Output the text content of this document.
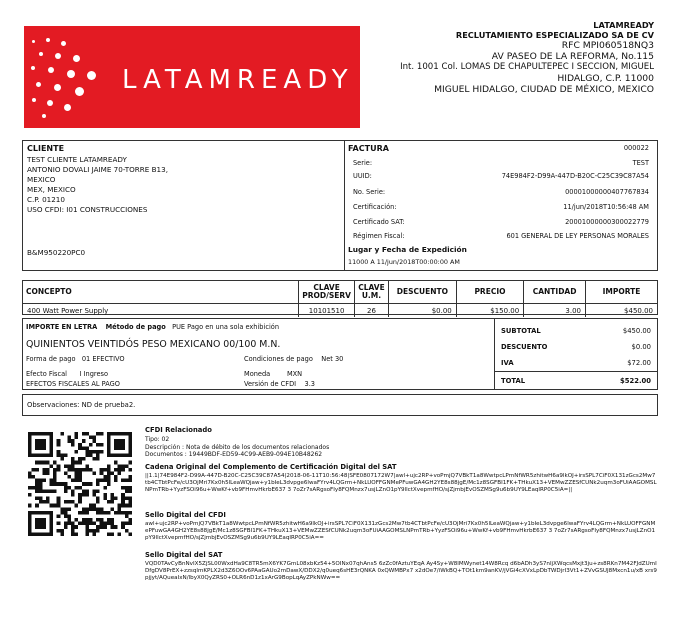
LATAMREADY
LATAMREADY
RECLUTAMIENTO ESPECIALIZADO SA DE CV
RFC MPI060518NQ3
AV PASEO DE LA REFORMA, No.115
Int. 1001 Col. LOMAS DE CHAPULTEPEC I SECCION, MIGUEL
HIDALGO, C.P. 11000
MIGUEL HIDALGO, CIUDAD DE MÉXICO, MEXICO
CLIENTE
TEST CLIENTE LATAMREADY
ANTONIO DOVALI JAIME 70-TORRE B13,
MEXICO
MEX, MEXICO
C.P. 01210
USO CFDI: I01 CONSTRUCCIONES
B&M950220PC0
FACTURA	000022
Serie:	TEST
UUID:	74E984F2-D99A-447D-B20C-C25C39C87A54
No. Serie:	00001000000407767834
Certificación:	11/jun/2018T10:56:48 AM
Certificado SAT:	20001000000300022779
Régimen Fiscal:	601 GENERAL DE LEY PERSONAS MORALES
Lugar y Fecha de Expedición
11000 A 11/jun/2018T00:00:00 AM
CONCEPTO	CLAVE PROD/SERV	CLAVE U.M.	DESCUENTO	PRECIO	CANTIDAD	IMPORTE
400 Watt Power Supply	10101510	26	$0.00	$150.00	3.00	$450.00
IMPORTE EN LETRA Método de pago PUE Pago en una sola exhibición
QUINIENTOS VEINTIDÓS PESO MEXICANO 00/100 M.N.
Forma de pago 01 EFECTIVO	Condiciones de pago Net 30
Efecto Fiscal I Ingreso	Moneda	MXN
EFECTOS FISCALES AL PAGO	Versión de CFDI 3.3
SUBTOTAL	$450.00
DESCUENTO	$0.00
IVA	$72.00
TOTAL	$522.00
Observaciones: ND de prueba2.
CFDI Relacionado
Tipo: 02
Descripción : Nota de débito de los documentos relacionados
Documentos : 19449BDF-ED59-4C99-AEB9-094E10B48262
Cadena Original del Complemento de Certificación Digital del SAT
||1.1|74E984F2-D99A-447D-B20C-C25C39C87A54|2018-06-11T10:56:48|SFE0807172W7|awl+ujc2RP+voPmjQ7VBkT1a8WwtpcLPmNfWR5zhitwH6a9lkOJ+irsSPL7CiF0X131zGcs2Mw7tb4CTbtPcFe/cU3OjMri7Kx0h5lLeaWQjaw+y1bIeL3dvpge6lwaFYrv4LQGrm+NkLUOFFGNMePFuwGA4GH2YE8s88jgE/Mc1z8SGFBI1FK+THkuX13+VEMwZZESfCUNk2uqm3oFUiAAGOMSLNPmTRb+YyzFSOi96u+WwKf+vb9FHmvHkrbE637 3 7oZr7sARgsoFIy8FQMnzx7usjLZnO1pY9llctXvepmfHO/sjZjmbjEvOSZMSg9u6b9UY9LEaqlRP0C5iA=||
Sello Digital del CFDI
awl+ujc2RP+voPmjQ7VBkT1a8WwtpcLPmNfWR5zhitwH6a9lkOJ+irsSPL7CiF0X131zGcs2Mw7tb4CTbtPcFe/cU3OjMri7Kx0h5lLeaWQjaw+y1bIeL3dvpge6lwaFYrv4LQGrm+NkLUOFFGNMePFuwGA4GH2YE8s88jgE/Mc1z8SGFBI1FK+THkuX13+VEMwZZESfCUNk2uqm3oFUiAAGOMSLNPmTRb+YyzFSOi96u+WwKf+vb9FHmvHkrbE637 3 7oZr7sARgsoFIy8FQMnzx7usjLZnO1pY9llctXvepmfHO/sjZjmbjEvOSZMSg9u6b9UY9LEaqlRP0C5iA==
Sello Digital del SAT
VQD0TAvCyBnNvIX5ZjSL00WxdHa9C8TR5mX6YK7GmL08xbKz54+5OINx07qhAns5 6zZc0fAztuYEqA Ay4Sy+W8lMWynet14W8Rcq d6bADh3yS7nIjXWqcsMxjt3ju+zs8RKn7M42FJdZUmIDfgDV8PrEX+zzsqlmKPLX2d3Z6OOv6PAaGAUo2mDawX/DDX2/q0ueq6sHE3rQNKA 0xQWMBPx7 x2dOe7/iWkBQ+TOt1km9anKV/jVGi4cXVxLpDbTWDjrI3Vt1+ZVvGSUJ8Mxcn1u/xB xrs9pjjyt/AQueaIxN/lbyX0QyZRS0+OLR6nD1z1xArG9BopLqAyZPkNWw==
